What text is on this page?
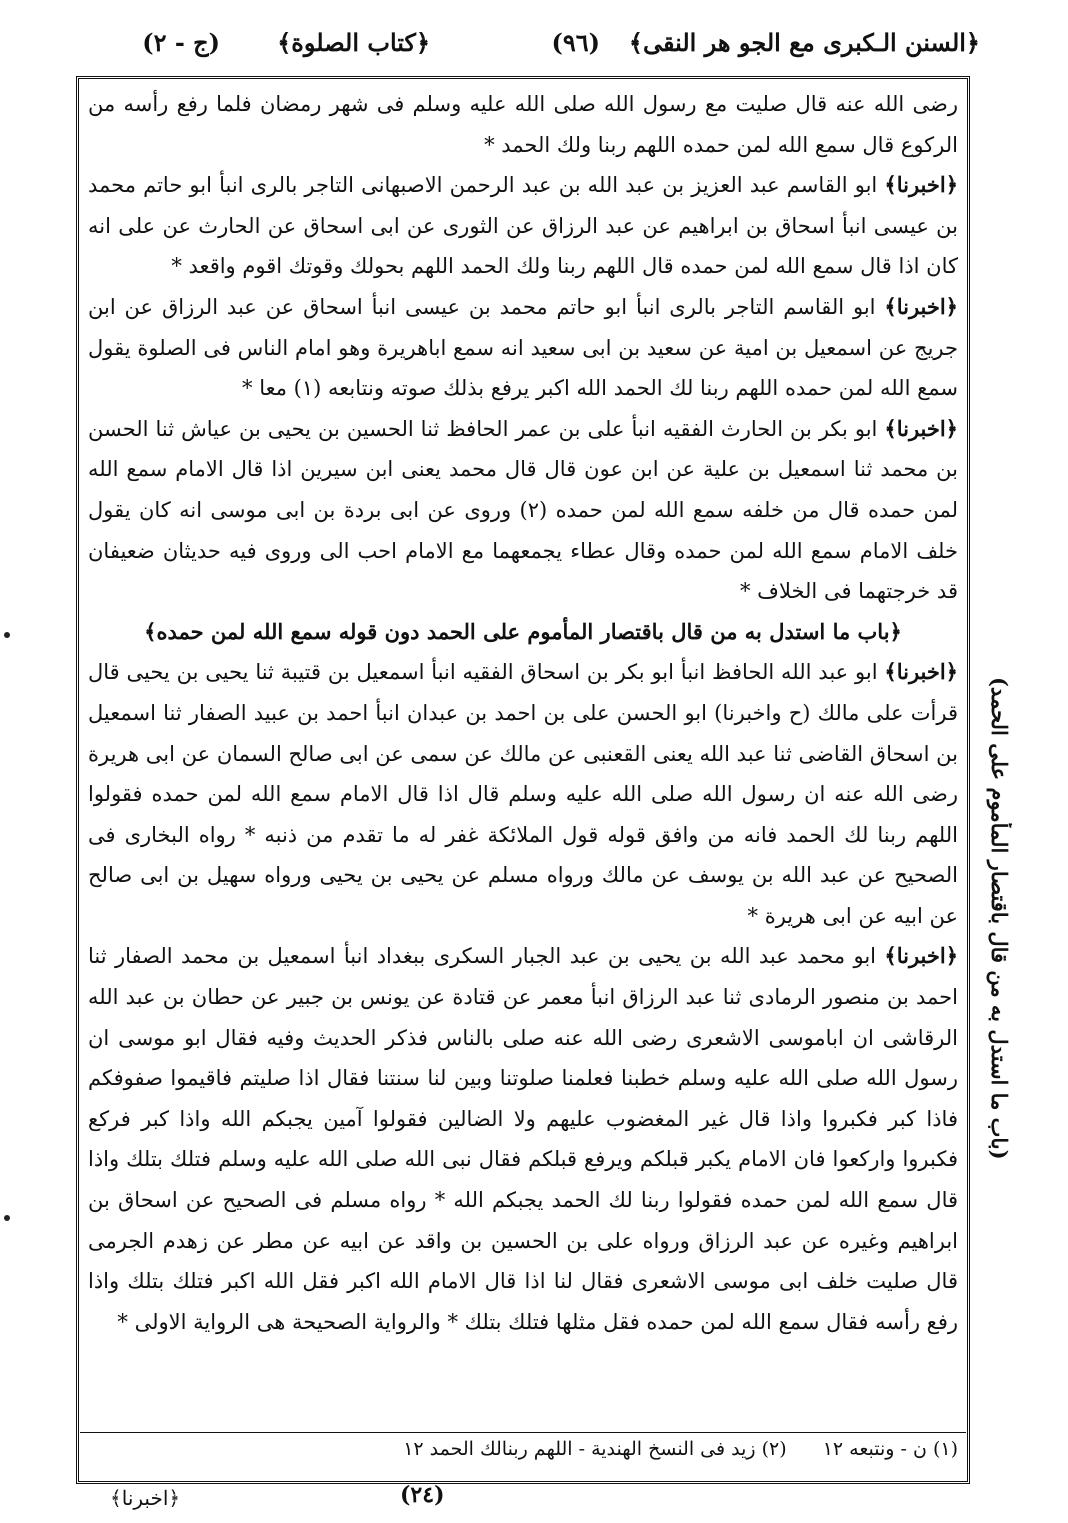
﴿السنن الـكبرى مع الجو هر النقى﴾
(٩٦)
﴿كتاب الصلوة﴾
(ج - ٢)
(باب ما استدل به من قال باقتصار المأموم على الحمد)

رضى الله عنه قال صليت مع رسول الله صلى الله عليه وسلم فى شهر رمضان فلما رفع رأسه من الركوع قال سمع الله لمن حمده اللهم ربنا ولك الحمد *

﴿اخبرنا﴾ ابو القاسم عبد العزيز بن عبد الله بن عبد الرحمن الاصبهانى التاجر بالرى انبأ ابو حاتم محمد بن عيسى انبأ اسحاق بن ابراهيم عن عبد الرزاق عن الثورى عن ابى اسحاق عن الحارث عن على انه كان اذا قال سمع الله لمن حمده قال اللهم ربنا ولك الحمد اللهم بحولك وقوتك اقوم واقعد *

﴿اخبرنا﴾ ابو القاسم التاجر بالرى انبأ ابو حاتم محمد بن عيسى انبأ اسحاق عن عبد الرزاق عن ابن جريج عن اسمعيل بن امية عن سعيد بن ابى سعيد انه سمع اباهريرة وهو امام الناس فى الصلوة يقول سمع الله لمن حمده اللهم ربنا لك الحمد الله اكبر يرفع بذلك صوته ونتابعه (١) معا *

﴿اخبرنا﴾ ابو بكر بن الحارث الفقيه انبأ على بن عمر الحافظ ثنا الحسين بن يحيى بن عياش ثنا الحسن بن محمد ثنا اسمعيل بن علية عن ابن عون قال قال محمد يعنى ابن سيرين اذا قال الامام سمع الله لمن حمده قال من خلفه سمع الله لمن حمده (٢) وروى عن ابى بردة بن ابى موسى انه كان يقول خلف الامام سمع الله لمن حمده وقال عطاء يجمعهما مع الامام احب الى وروى فيه حديثان ضعيفان قد خرجتهما فى الخلاف *

﴿باب ما استدل به من قال باقتصار المأموم على الحمد دون قوله سمع الله لمن حمده﴾

﴿اخبرنا﴾ ابو عبد الله الحافظ انبأ ابو بكر بن اسحاق الفقيه انبأ اسمعيل بن قتيبة ثنا يحيى بن يحيى قال قرأت على مالك (ح واخبرنا) ابو الحسن على بن احمد بن عبدان انبأ احمد بن عبيد الصفار ثنا اسمعيل بن اسحاق القاضى ثنا عبد الله يعنى القعنبى عن مالك عن سمى عن ابى صالح السمان عن ابى هريرة رضى الله عنه ان رسول الله صلى الله عليه وسلم قال اذا قال الامام سمع الله لمن حمده فقولوا اللهم ربنا لك الحمد فانه من وافق قوله قول الملائكة غفر له ما تقدم من ذنبه * رواه البخارى فى الصحيح عن عبد الله بن يوسف عن مالك ورواه مسلم عن يحيى بن يحيى ورواه سهيل بن ابى صالح عن ابيه عن ابى هريرة *

﴿اخبرنا﴾ ابو محمد عبد الله بن يحيى بن عبد الجبار السكرى ببغداد انبأ اسمعيل بن محمد الصفار ثنا احمد بن منصور الرمادى ثنا عبد الرزاق انبأ معمر عن قتادة عن يونس بن جبير عن حطان بن عبد الله الرقاشى ان اباموسى الاشعرى رضى الله عنه صلى بالناس فذكر الحديث وفيه فقال ابو موسى ان رسول الله صلى الله عليه وسلم خطبنا فعلمنا صلوتنا وبين لنا سنتنا فقال اذا صليتم فاقيموا صفوفكم فاذا كبر فكبروا واذا قال غير المغضوب عليهم ولا الضالين فقولوا آمين يجبكم الله واذا كبر فركع فكبروا واركعوا فان الامام يكبر قبلكم ويرفع قبلكم فقال نبى الله صلى الله عليه وسلم فتلك بتلك واذا قال سمع الله لمن حمده فقولوا ربنا لك الحمد يجبكم الله * رواه مسلم فى الصحيح عن اسحاق بن ابراهيم وغيره عن عبد الرزاق ورواه على بن الحسين بن واقد عن ابيه عن مطر عن زهدم الجرمى قال صليت خلف ابى موسى الاشعرى فقال لنا اذا قال الامام الله اكبر فقل الله اكبر فتلك بتلك واذا رفع رأسه فقال سمع الله لمن حمده فقل مثلها فتلك بتلك * والرواية الصحيحة هى الرواية الاولى *

(١) ن - ونتبعه ١٢ (٢) زيد فى النسخ الهندية - اللهم ربنالك الحمد ١٢
(٢٤)
﴿اخبرنا﴾
